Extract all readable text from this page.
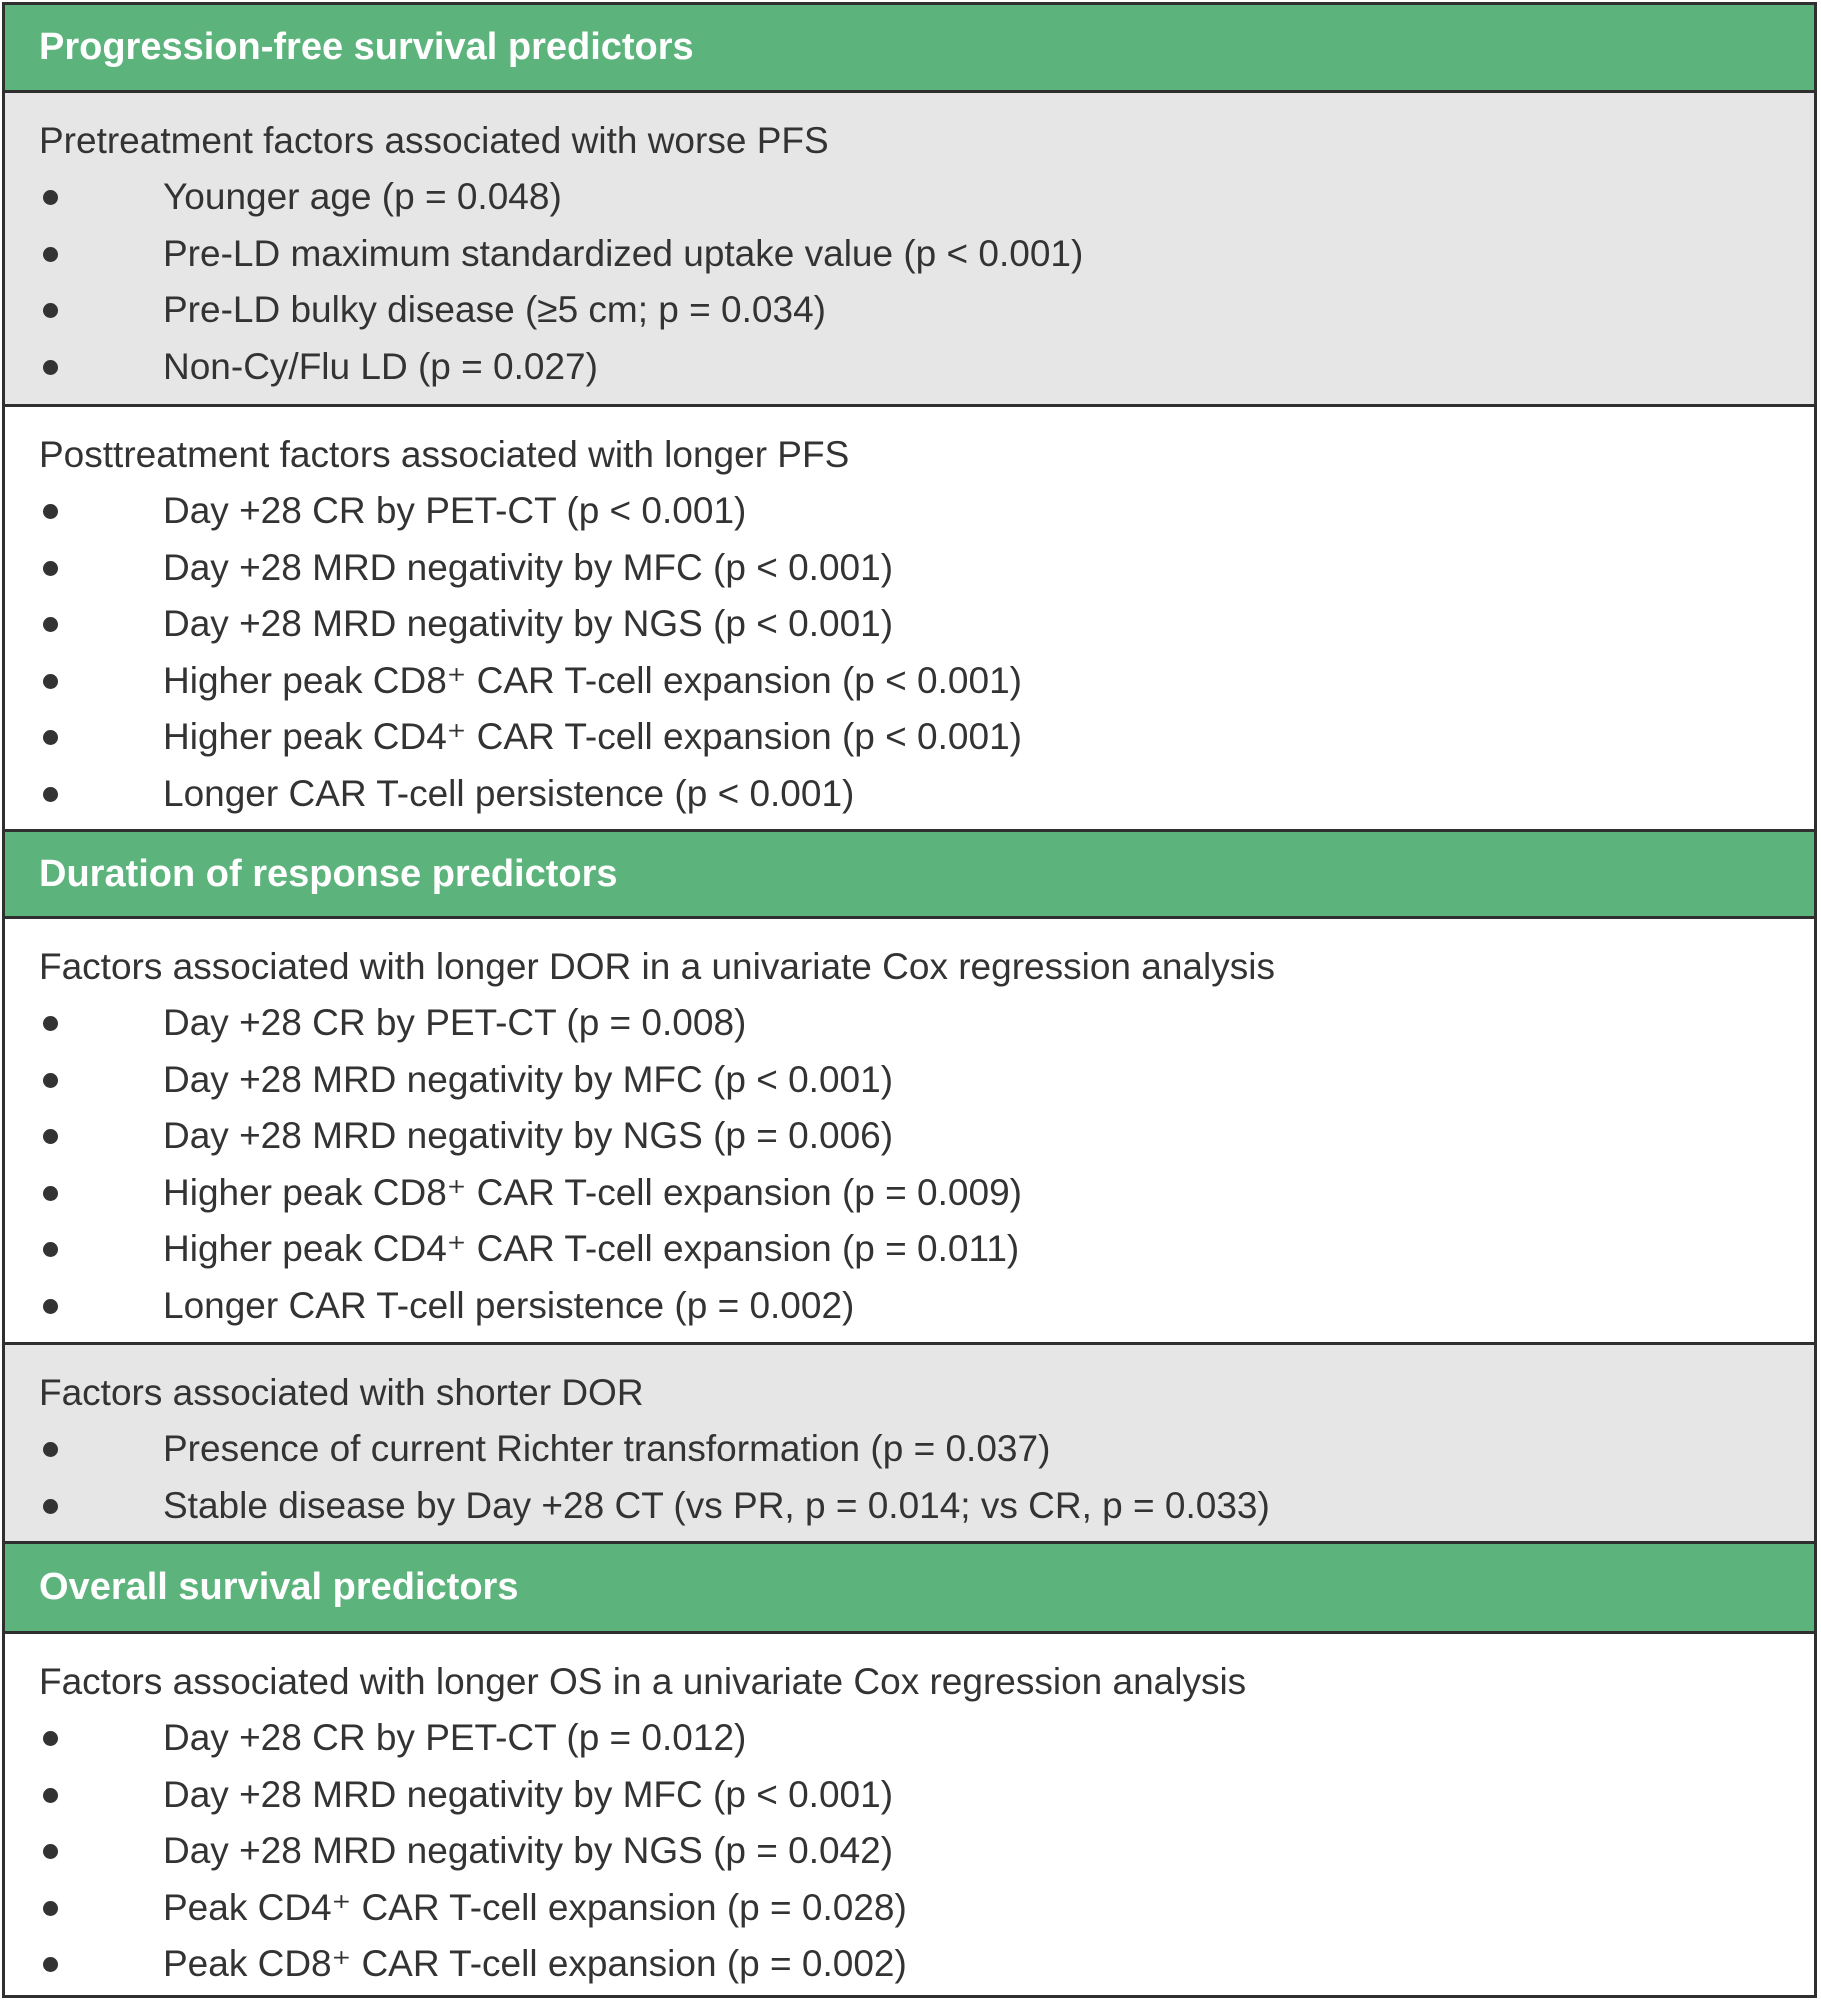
Progression-free survival predictors
Pretreatment factors associated with worse PFS
Younger age (p = 0.048)
Pre-LD maximum standardized uptake value (p < 0.001)
Pre-LD bulky disease (≥5 cm; p = 0.034)
Non-Cy/Flu LD (p = 0.027)
Posttreatment factors associated with longer PFS
Day +28 CR by PET-CT (p < 0.001)
Day +28 MRD negativity by MFC (p < 0.001)
Day +28 MRD negativity by NGS (p < 0.001)
Higher peak CD8⁺ CAR T-cell expansion (p < 0.001)
Higher peak CD4⁺ CAR T-cell expansion (p < 0.001)
Longer CAR T-cell persistence (p < 0.001)
Duration of response predictors
Factors associated with longer DOR in a univariate Cox regression analysis
Day +28 CR by PET-CT (p = 0.008)
Day +28 MRD negativity by MFC (p < 0.001)
Day +28 MRD negativity by NGS (p = 0.006)
Higher peak CD8⁺ CAR T-cell expansion (p = 0.009)
Higher peak CD4⁺ CAR T-cell expansion (p = 0.011)
Longer CAR T-cell persistence (p = 0.002)
Factors associated with shorter DOR
Presence of current Richter transformation (p = 0.037)
Stable disease by Day +28 CT (vs PR, p = 0.014; vs CR, p = 0.033)
Overall survival predictors
Factors associated with longer OS in a univariate Cox regression analysis
Day +28 CR by PET-CT (p = 0.012)
Day +28 MRD negativity by MFC (p < 0.001)
Day +28 MRD negativity by NGS (p = 0.042)
Peak CD4⁺ CAR T-cell expansion (p = 0.028)
Peak CD8⁺ CAR T-cell expansion (p = 0.002)
